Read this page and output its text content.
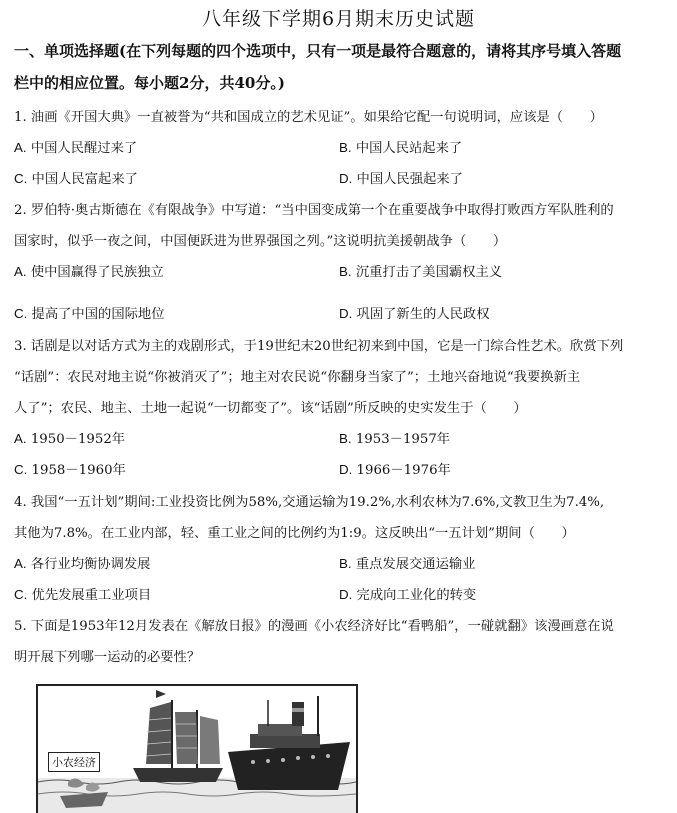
八年级下学期6月期末历史试题
一、单项选择题(在下列每题的四个选项中，只有一项是最符合题意的，请将其序号填入答题
栏中的相应位置。每小题2分，共40分。)
1. 油画《开国大典》一直被誉为“共和国成立的艺术见证”。如果给它配一句说明词，应该是（　　）
A. 中国人民醒过来了	B. 中国人民站起来了
C. 中国人民富起来了	D. 中国人民强起来了
2. 罗伯特·奥古斯德在《有限战争》中写道：“当中国变成第一个在重要战争中取得打败西方军队胜利的
国家时，似乎一夜之间，中国便跃进为世界强国之列。”这说明抗美援朝战争（　　）
A. 使中国赢得了民族独立	B. 沉重打击了美国霸权主义
C. 提高了中国的国际地位	D. 巩固了新生的人民政权
3. 话剧是以对话方式为主的戏剧形式，于19世纪末20世纪初来到中国，它是一门综合性艺术。欣赏下列
“话剧”：农民对地主说“你被消灭了”；地主对农民说“你翻身当家了”；土地兴奋地说“我要换新主
人了”；农民、地主、土地一起说“一切都变了”。该“话剧”所反映的史实发生于（　　）
A. 1950－1952年	B. 1953－1957年
C. 1958－1960年	D. 1966－1976年
4. 我国“一五计划”期间:工业投资比例为58%,交通运输为19.2%,水利农林为7.6%,文教卫生为7.4%,
其他为7.8%。在工业内部，轻、重工业之间的比例约为1:9。这反映出“一五计划”期间（　　）
A. 各行业均衡协调发展	B. 重点发展交通运输业
C. 优先发展重工业项目	D. 完成向工业化的转变
5. 下面是1953年12月发表在《解放日报》的漫画《小农经济好比“看鸭船”，一碰就翻》该漫画意在说
明开展下列哪一运动的必要性？
小农经济
